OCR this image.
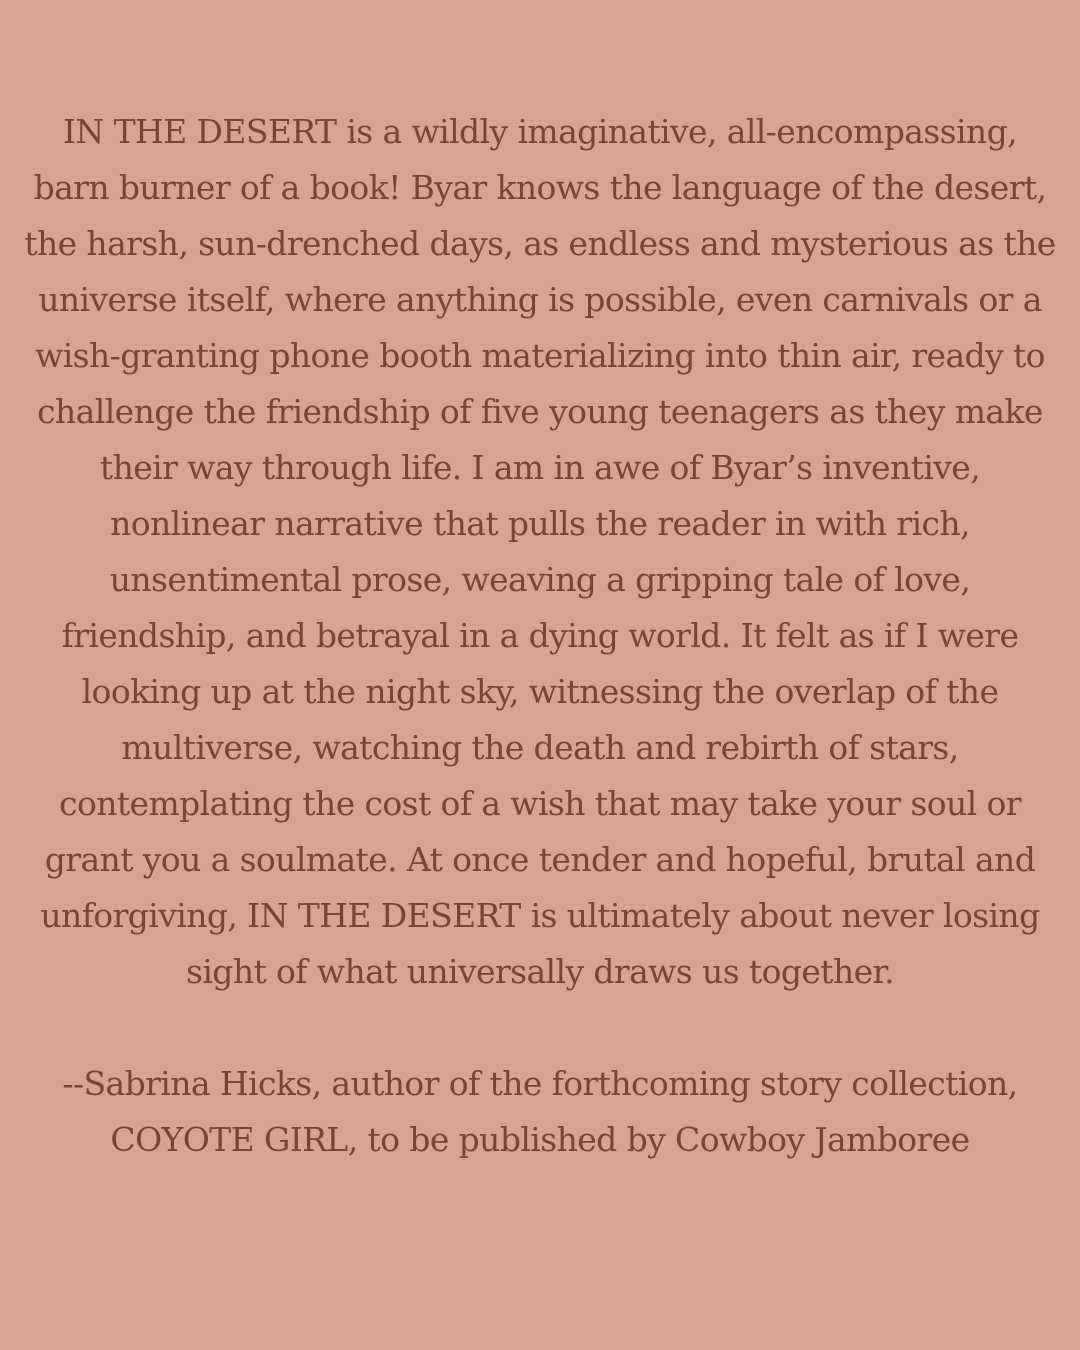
IN THE DESERT is a wildly imaginative, all-encompassing,
barn burner of a book! Byar knows the language of the desert,
the harsh, sun-drenched days, as endless and mysterious as the
universe itself, where anything is possible, even carnivals or a
wish-granting phone booth materializing into thin air, ready to
challenge the friendship of five young teenagers as they make
their way through life. I am in awe of Byar’s inventive,
nonlinear narrative that pulls the reader in with rich,
unsentimental prose, weaving a gripping tale of love,
friendship, and betrayal in a dying world. It felt as if I were
looking up at the night sky, witnessing the overlap of the
multiverse, watching the death and rebirth of stars,
contemplating the cost of a wish that may take your soul or
grant you a soulmate. At once tender and hopeful, brutal and
unforgiving, IN THE DESERT is ultimately about never losing
sight of what universally draws us together.
--Sabrina Hicks, author of the forthcoming story collection,
COYOTE GIRL, to be published by Cowboy Jamboree
